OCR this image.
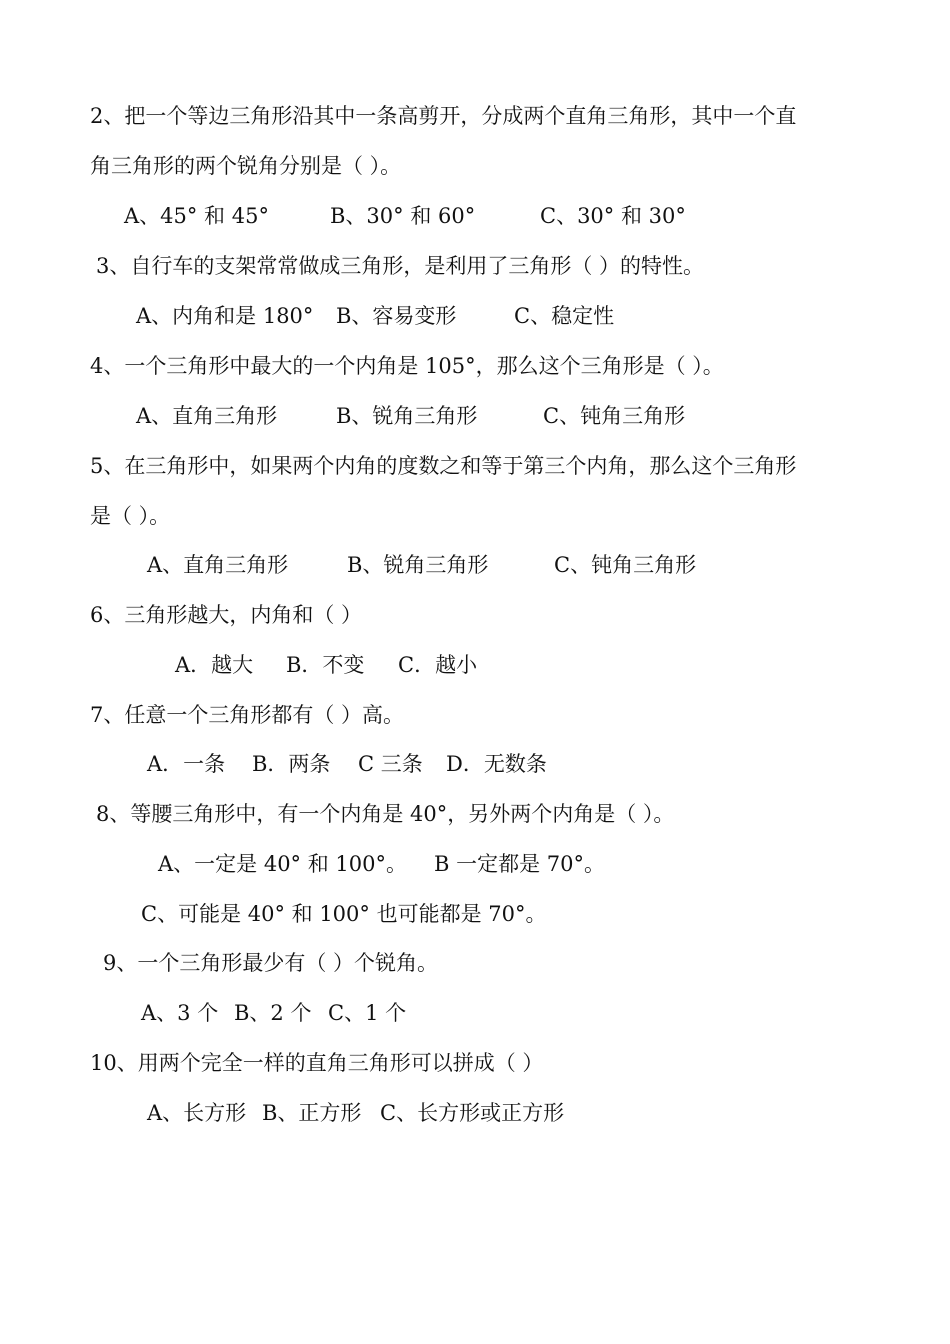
2、把一个等边三角形沿其中一条高剪开，分成两个直角三角形，其中一个直
角三角形的两个锐角分别是（ ）。
A、45° 和 45°	B、30° 和 60°	C、30° 和 30°
3、自行车的支架常常做成三角形，是利用了三角形（ ）的特性。
A、内角和是 180° B、容易变形	C、稳定性
4、一个三角形中最大的一个内角是 105°，那么这个三角形是（ ）。
A、直角三角形	B、锐角三角形	C、钝角三角形
5、在三角形中，如果两个内角的度数之和等于第三个内角，那么这个三角形
是（ ）。
A、直角三角形	B、锐角三角形	C、钝角三角形
6、三角形越大，内角和（ ）
A．越大 B．不变 C．越小
7、任意一个三角形都有（ ）高。
A．一条 B．两条 C 三条 D．无数条
8、等腰三角形中，有一个内角是 40°，另外两个内角是（ ）。
A、一定是 40° 和 100°。 B 一定都是 70°。
C、可能是 40° 和 100° 也可能都是 70°。
9、一个三角形最少有（ ）个锐角。
A、3 个 B、2 个 C、1 个
10、用两个完全一样的直角三角形可以拼成（ ）
A、长方形 B、正方形 C、长方形或正方形
